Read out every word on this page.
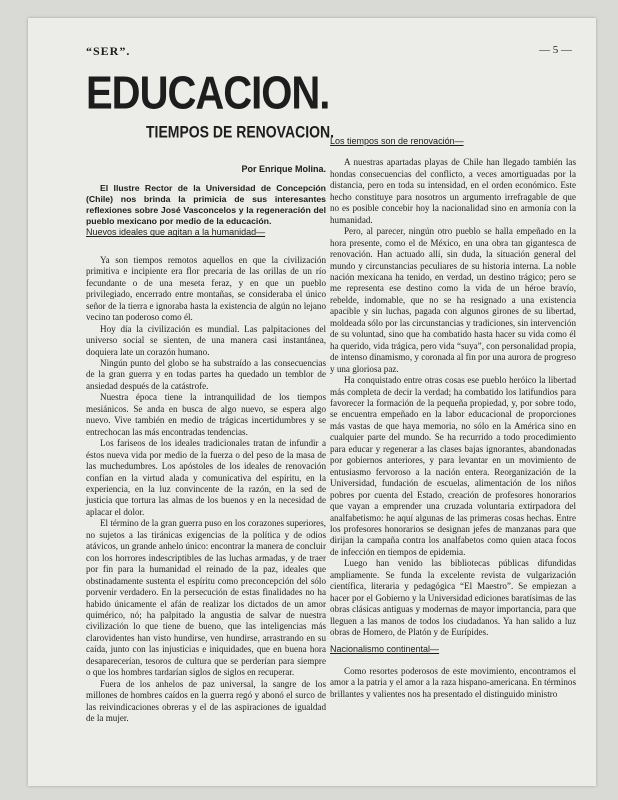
“SER”.	— 5 —
EDUCACION.
TIEMPOS DE RENOVACION.
Por Enrique Molina.

El Ilustre Rector de la Universidad de Concepción (Chile) nos brinda la primicia de sus interesantes reflexiones sobre José Vasconcelos y la regeneración del pueblo mexicano por medio de la educación.

Nuevos ideales que agitan a la humanidad—

Ya son tiempos remotos aquellos en que la civilización primitiva e incipiente era flor precaria de las orillas de un río fecundante o de una meseta feraz, y en que un pueblo privilegiado, encerrado entre montañas, se consideraba el único señor de la tierra e ignoraba hasta la existencia de algún no lejano vecino tan poderoso como él.

Hoy día la civilización es mundial. Las palpitaciones del universo social se sienten, de una manera casi instantánea, doquiera late un corazón humano.

Ningún punto del globo se ha substraído a las consecuencias de la gran guerra y en todas partes ha quedado un temblor de ansiedad después de la catástrofe.

Nuestra época tiene la intranquilidad de los tiempos mesiánicos. Se anda en busca de algo nuevo, se espera algo nuevo. Vive también en medio de trágicas incertidumbres y se entrechocan las más encontradas tendencias.

Los fariseos de los ideales tradicionales tratan de infundir a éstos nueva vida por medio de la fuerza o del peso de la masa de las muchedumbres. Los apóstoles de los ideales de renovación confían en la virtud alada y comunicativa del espíritu, en la experiencia, en la luz convincente de la razón, en la sed de justicia que tortura las almas de los buenos y en la necesidad de aplacar el dolor.

El término de la gran guerra puso en los corazones superiores, no sujetos a las tiránicas exigencias de la política y de odios atávicos, un grande anhelo único: encontrar la manera de concluir con los horrores indescriptibles de las luchas armadas, y de traer por fin para la humanidad el reinado de la paz, ideales que obstinadamente sustenta el espíritu como preconcepción del sólo porvenir verdadero. En la persecución de estas finalidades no ha habido únicamente el afán de realizar los dictados de un amor quimérico, nó; ha palpitado la angustia de salvar de nuestra civilización lo que tiene de bueno, que las inteligencias más clarovidentes han visto hundirse, ven hundirse, arrastrando en su caída, junto con las injusticias e iniquidades, que en buena hora desaparecerían, tesoros de cultura que se perderían para siempre o que los hombres tardarían siglos de siglos en recuperar.

Fuera de los anhelos de paz universal, la sangre de los millones de hombres caídos en la guerra regó y abonó el surco de las reivindicaciones obreras y el de las aspiraciones de igualdad de la mujer.

Los tiempos son de renovación—

A nuestras apartadas playas de Chile han llegado también las hondas consecuencias del conflicto, a veces amortiguadas por la distancia, pero en toda su intensidad, en el orden económico. Este hecho constituye para nosotros un argumento irrefragable de que no es posible concebir hoy la nacionalidad sino en armonía con la humanidad.

Pero, al parecer, ningún otro pueblo se halla empeñado en la hora presente, como el de México, en una obra tan gigantesca de renovación. Han actuado allí, sin duda, la situación general del mundo y circunstancias peculiares de su historia interna. La noble nación mexicana ha tenido, en verdad, un destino trágico; pero se me representa ese destino como la vida de un héroe bravío, rebelde, indomable, que no se ha resignado a una existencia apacible y sin luchas, pagada con algunos girones de su libertad, moldeada sólo por las circunstancias y tradiciones, sin intervención de su voluntad, sino que ha combatido hasta hacer su vida como él ha querido, vida trágica, pero vida “suya”, con personalidad propia, de intenso dinamismo, y coronada al fin por una aurora de progreso y una gloriosa paz.

Ha conquistado entre otras cosas ese pueblo heróico la libertad más completa de decir la verdad; ha combatido los latifundios para favorecer la formación de la pequeña propiedad, y, por sobre todo, se encuentra empeñado en la labor educacional de proporciones más vastas de que haya memoria, no sólo en la América sino en cualquier parte del mundo. Se ha recurrido a todo procedimiento para educar y regenerar a las clases bajas ignorantes, abandonadas por gobiernos anteriores, y para levantar en un movimiento de entusiasmo fervoroso a la nación entera. Reorganización de la Universidad, fundación de escuelas, alimentación de los niños pobres por cuenta del Estado, creación de profesores honorarios que vayan a emprender una cruzada voluntaria extirpadora del analfabetismo: he aquí algunas de las primeras cosas hechas. Entre los profesores honorarios se designan jefes de manzanas para que dirijan la campaña contra los analfabetos como quien ataca focos de infección en tiempos de epidemia.

Luego han venido las bibliotecas públicas difundidas ampliamente. Se funda la excelente revista de vulgarización científica, literaria y pedagógica “El Maestro”. Se empiezan a hacer por el Gobierno y la Universidad ediciones baratísimas de las obras clásicas antiguas y modernas de mayor importancia, para que lleguen a las manos de todos los ciudadanos. Ya han salido a luz obras de Homero, de Platón y de Eurípides.

Nacionalismo continental—

Como resortes poderosos de este movimiento, encontramos el amor a la patria y el amor a la raza hispano-americana. En términos brillantes y valientes nos ha presentado el distinguido ministro
